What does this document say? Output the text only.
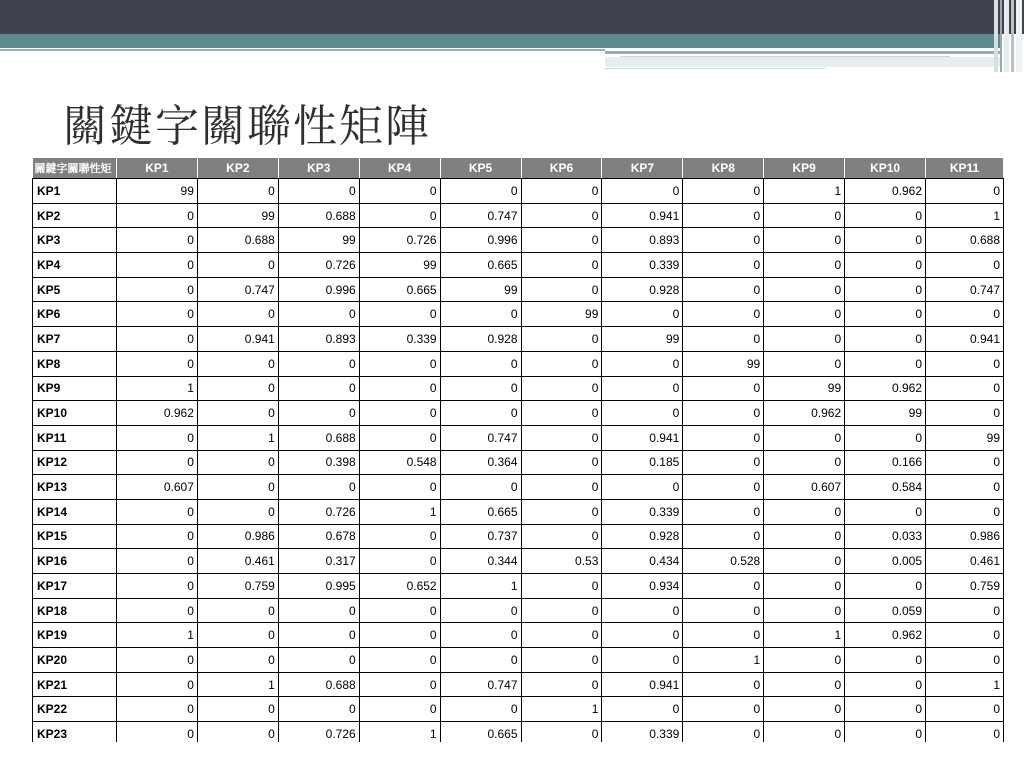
關鍵字關聯性矩陣
關鍵字關聯性矩	KP1	KP2	KP3	KP4	KP5	KP6	KP7	KP8	KP9	KP10	KP11
KP1	99	0	0	0	0	0	0	0	1	0.962	0
KP2	0	99	0.688	0	0.747	0	0.941	0	0	0	1
KP3	0	0.688	99	0.726	0.996	0	0.893	0	0	0	0.688
KP4	0	0	0.726	99	0.665	0	0.339	0	0	0	0
KP5	0	0.747	0.996	0.665	99	0	0.928	0	0	0	0.747
KP6	0	0	0	0	0	99	0	0	0	0	0
KP7	0	0.941	0.893	0.339	0.928	0	99	0	0	0	0.941
KP8	0	0	0	0	0	0	0	99	0	0	0
KP9	1	0	0	0	0	0	0	0	99	0.962	0
KP10	0.962	0	0	0	0	0	0	0	0.962	99	0
KP11	0	1	0.688	0	0.747	0	0.941	0	0	0	99
KP12	0	0	0.398	0.548	0.364	0	0.185	0	0	0.166	0
KP13	0.607	0	0	0	0	0	0	0	0.607	0.584	0
KP14	0	0	0.726	1	0.665	0	0.339	0	0	0	0
KP15	0	0.986	0.678	0	0.737	0	0.928	0	0	0.033	0.986
KP16	0	0.461	0.317	0	0.344	0.53	0.434	0.528	0	0.005	0.461
KP17	0	0.759	0.995	0.652	1	0	0.934	0	0	0	0.759
KP18	0	0	0	0	0	0	0	0	0	0.059	0
KP19	1	0	0	0	0	0	0	0	1	0.962	0
KP20	0	0	0	0	0	0	0	1	0	0	0
KP21	0	1	0.688	0	0.747	0	0.941	0	0	0	1
KP22	0	0	0	0	0	1	0	0	0	0	0
KP23	0	0	0.726	1	0.665	0	0.339	0	0	0	0
